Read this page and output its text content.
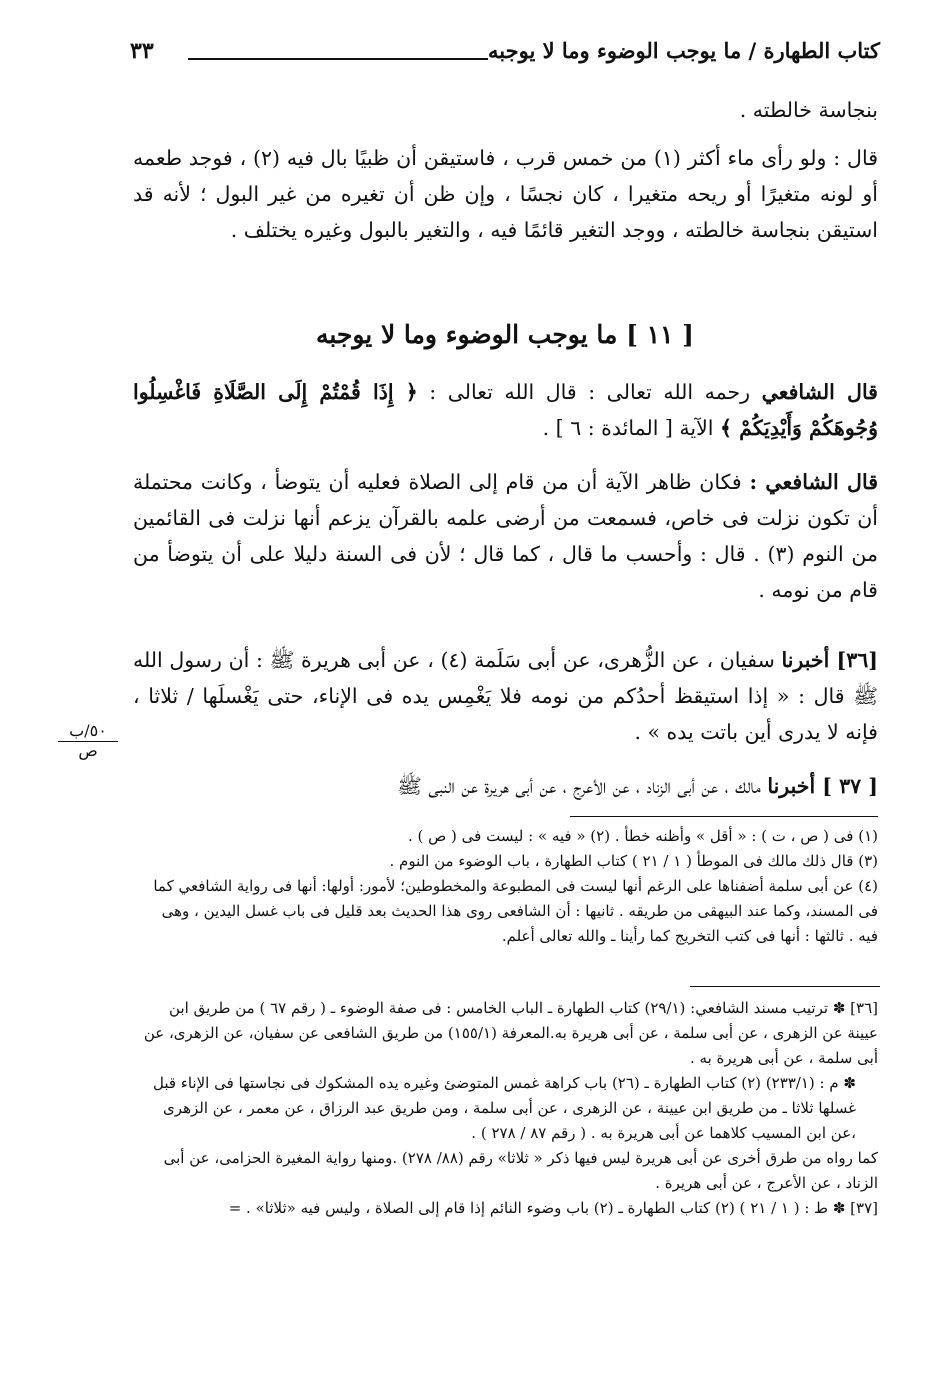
كتاب الطهارة / ما يوجب الوضوء وما لا يوجبه
٣٣

بنجاسة خالطته .

قال : ولو رأى ماء أكثر (١) من خمس قرب ، فاستيقن أن ظبيًا بال فيه (٢) ، فوجد طعمه أو لونه متغيرًا أو ريحه متغيرا ، كان نجسًا ، وإن ظن أن تغيره من غير البول ؛ لأنه قد استيقن بنجاسة خالطته ، ووجد التغير قائمًا فيه ، والتغير بالبول وغيره يختلف .

[ ١١ ] ما يوجب الوضوء وما لا يوجبه

قال الشافعي رحمه الله تعالى : قال الله تعالى : ﴿ إِذَا قُمْتُمْ إِلَى الصَّلَاةِ فَاغْسِلُوا وُجُوهَكُمْ وَأَيْدِيَكُمْ ﴾ الآية [ المائدة : ٦ ] .

قال الشافعي : فكان ظاهر الآية أن من قام إلى الصلاة فعليه أن يتوضأ ، وكانت محتملة أن تكون نزلت فى خاص، فسمعت من أرضى علمه بالقرآن يزعم أنها نزلت فى القائمين من النوم (٣) . قال : وأحسب ما قال ، كما قال ؛ لأن فى السنة دليلا على أن يتوضأ من قام من نومه .

[٣٦] أخبرنا سفيان ، عن الزُّهرى، عن أبى سَلَمة (٤) ، عن أبى هريرة ﷺ : أن رسول الله ﷺ قال : « إذا استيقظ أحدُكم من نومه فلا يَغْمِس يده فى الإناء، حتى يَغْسلَها / ثلاثا ، فإنه لا يدرى أين باتت يده » .

[ ٣٧ ] أخبرنا مالك ، عن أبى الزناد ، عن الأعرج ، عن أبى هريرة عن النبى ﷺ

٥٠/ب
ص

(١) فى ( ص ، ت ) : « أقل » وأظنه خطأ . (٢) « فيه » : ليست فى ( ص ) .

(٣) قال ذلك مالك فى الموطأ ( ١ / ٢١ ) كتاب الطهارة ، باب الوضوء من النوم .

(٤) عن أبى سلمة أضفناها على الرغم أنها ليست فى المطبوعة والمخطوطين؛ لأمور: أولها: أنها فى رواية الشافعي كما فى المسند، وكما عند البيهقى من طريقه . ثانيها : أن الشافعى روى هذا الحديث بعد قليل فى باب غسل اليدين ، وهى فيه . ثالثها : أنها فى كتب التخريج كما رأينا ـ والله تعالى أعلم.

[٣٦] ✽ ترتيب مسند الشافعي: (٢٩/١) كتاب الطهارة ـ الباب الخامس : فى صفة الوضوء ـ ( رقم ٦٧ ) من طريق ابن عيينة عن الزهرى ، عن أبى سلمة ، عن أبى هريرة به.المعرفة (١٥٥/١) من طريق الشافعى عن سفيان، عن الزهرى، عن أبى سلمة ، عن أبى هريرة به .

✽ م : (٢٣٣/١) (٢) كتاب الطهارة ـ (٢٦) باب كراهة غمس المتوضئ وغيره يده المشكوك فى نجاستها فى الإناء قبل غسلها ثلاثا ـ من طريق ابن عيينة ، عن الزهرى ، عن أبى سلمة ، ومن طريق عبد الرزاق ، عن معمر ، عن الزهرى ،عن ابن المسيب كلاهما عن أبى هريرة به . ( رقم ٨٧ / ٢٧٨ ) .

كما رواه من طرق أخرى عن أبى هريرة ليس فيها ذكر « ثلاثا» رقم (٨٨/ ٢٧٨) .ومنها رواية المغيرة الحزامى، عن أبى الزناد ، عن الأعرج ، عن أبى هريرة .

[٣٧] ✽ ط : ( ١ / ٢١ ) (٢) كتاب الطهارة ـ (٢) باب وضوء النائم إذا قام إلى الصلاة ، وليس فيه «ثلاثا» . =
